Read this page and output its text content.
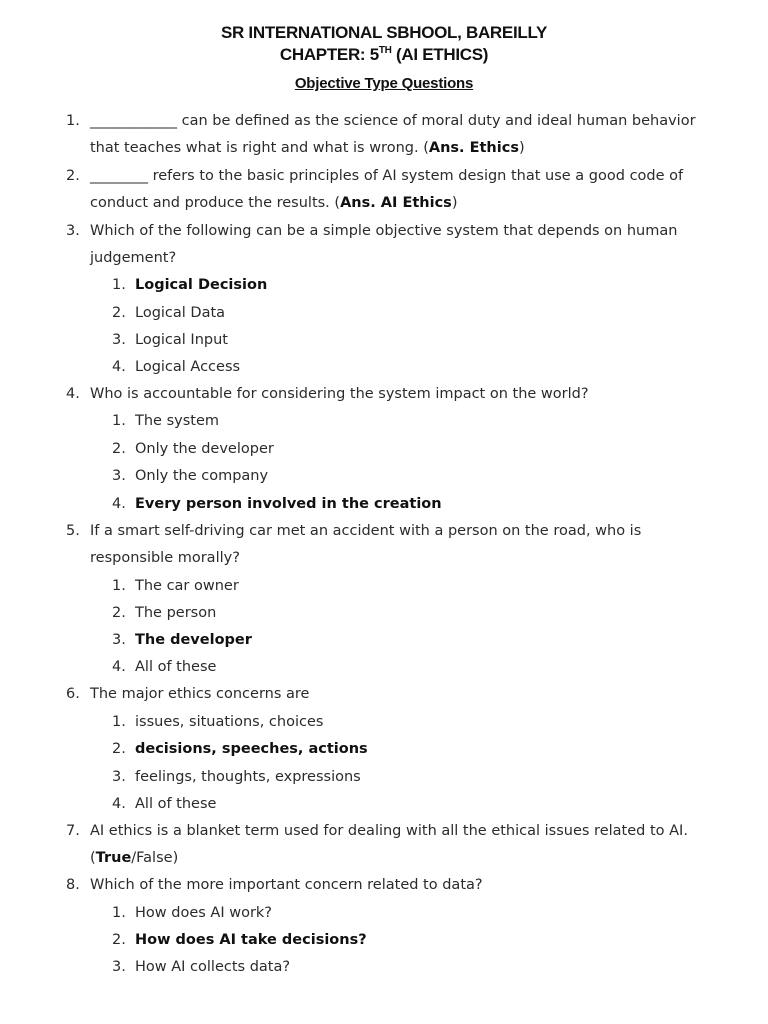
SR INTERNATIONAL SBHOOL, BAREILLY
CHAPTER: 5TH (AI ETHICS)
Objective Type Questions
1. ____________ can be defined as the science of moral duty and ideal human behavior
that teaches what is right and what is wrong. (Ans. Ethics)
2. ________ refers to the basic principles of AI system design that use a good code of
conduct and produce the results. (Ans. AI Ethics)
3. Which of the following can be a simple objective system that depends on human
judgement?
1. Logical Decision
2. Logical Data
3. Logical Input
4. Logical Access
4. Who is accountable for considering the system impact on the world?
1. The system
2. Only the developer
3. Only the company
4. Every person involved in the creation
5. If a smart self-driving car met an accident with a person on the road, who is
responsible morally?
1. The car owner
2. The person
3. The developer
4. All of these
6. The major ethics concerns are
1. issues, situations, choices
2. decisions, speeches, actions
3. feelings, thoughts, expressions
4. All of these
7. AI ethics is a blanket term used for dealing with all the ethical issues related to AI.
(True/False)
8. Which of the more important concern related to data?
1. How does AI work?
2. How does AI take decisions?
3. How AI collects data?
